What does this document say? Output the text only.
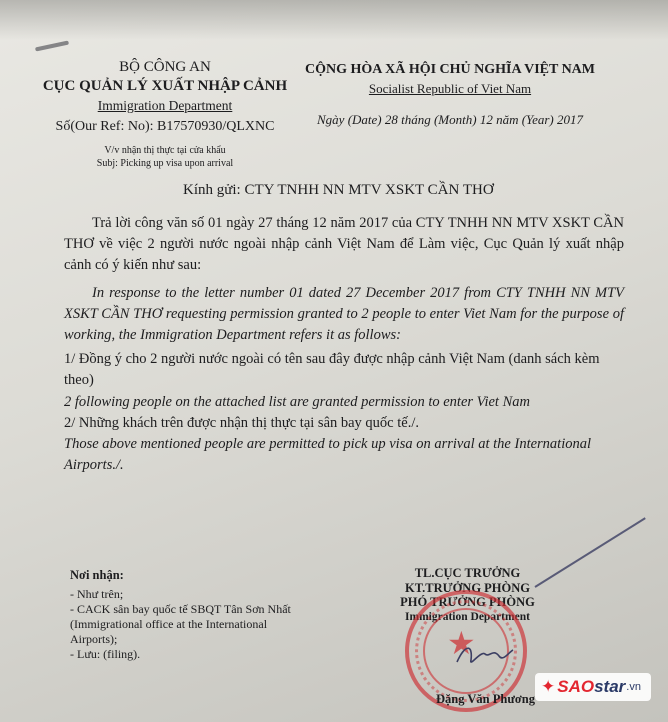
BỘ CÔNG AN
CỤC QUẢN LÝ XUẤT NHẬP CẢNH
Immigration Department
Số(Our Ref: No): B17570930/QLXNC
V/v nhận thị thực tại cửa khẩu
Subj: Picking up visa upon arrival
CỘNG HÒA XÃ HỘI CHỦ NGHĨA VIỆT NAM
Socialist Republic of Viet Nam
Ngày (Date) 28 tháng (Month) 12 năm (Year) 2017
Kính gửi: CTY TNHH NN MTV XSKT CẦN THƠ
Trả lời công văn số 01 ngày 27 tháng 12 năm 2017 của CTY TNHH NN MTV XSKT CẦN THƠ về việc 2 người nước ngoài nhập cảnh Việt Nam để Làm việc, Cục Quản lý xuất nhập cảnh có ý kiến như sau:
In response to the letter number 01 dated 27 December 2017 from CTY TNHH NN MTV XSKT CẦN THƠ requesting permission granted to 2 people to enter Viet Nam for the purpose of working, the Immigration Department refers it as follows:
1/ Đồng ý cho 2 người nước ngoài có tên sau đây được nhập cảnh Việt Nam (danh sách kèm theo)
2 following people on the attached list are granted permission to enter Viet Nam
2/ Những khách trên được nhận thị thực tại sân bay quốc tế./.
Those above mentioned people are permitted to pick up visa on arrival at the International Airports./.
Nơi nhận:
- Như trên;
- CACK sân bay quốc tế SBQT Tân Sơn Nhất
(Immigrational office at the International
Airports);
- Lưu: (filing).
TL.CỤC TRƯỞNG
KT.TRƯỞNG PHÒNG
PHÓ TRƯỞNG PHÒNG
Immigration Department
★
Đặng Văn Phương
✦ SAO star .vn
